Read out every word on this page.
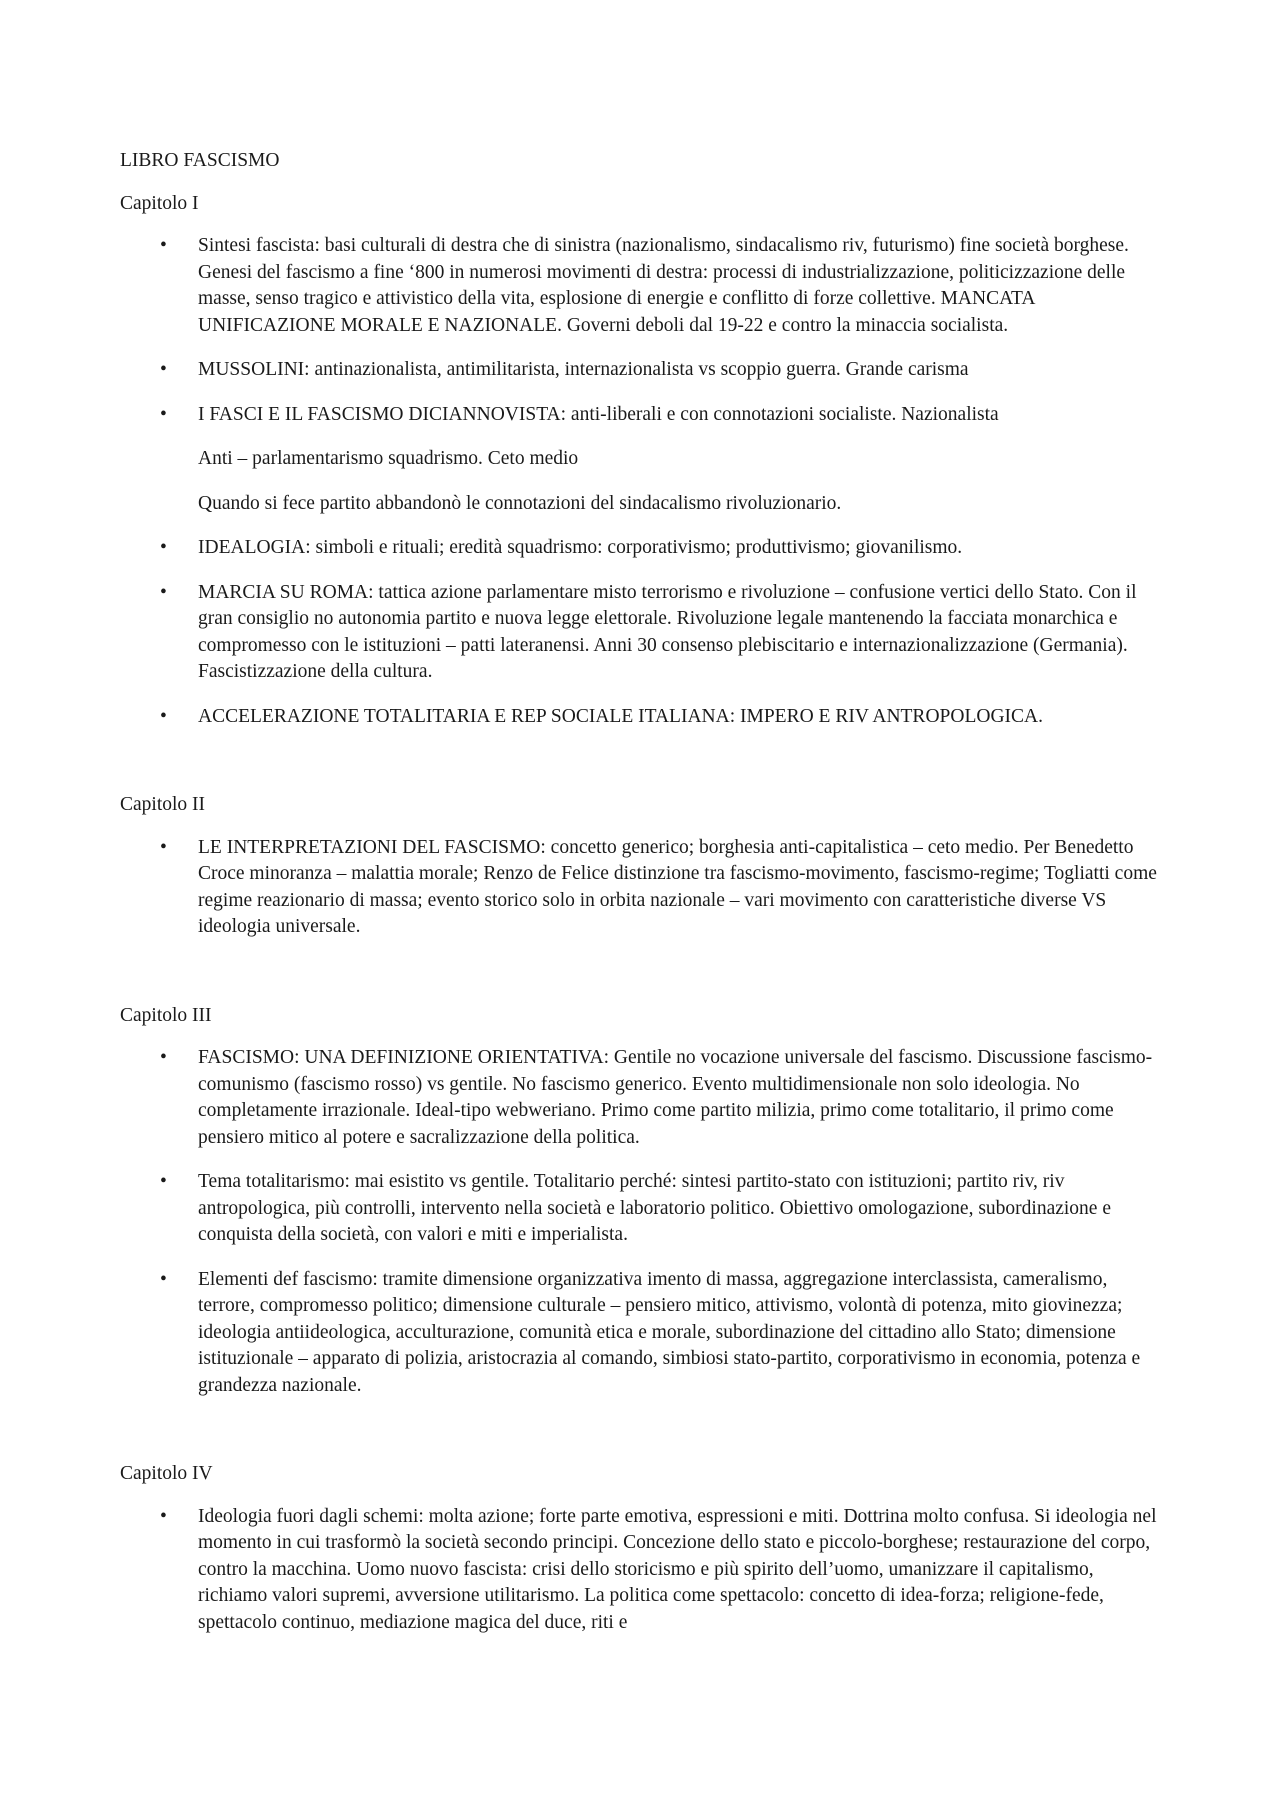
LIBRO FASCISMO

Capitolo I

• Sintesi fascista: basi culturali di destra che di sinistra (nazionalismo, sindacalismo riv, futurismo) fine società borghese. Genesi del fascismo a fine ‘800 in numerosi movimenti di destra: processi di industrializzazione, politicizzazione delle masse, senso tragico e attivistico della vita, esplosione di energie e conflitto di forze collettive. MANCATA UNIFICAZIONE MORALE E NAZIONALE. Governi deboli dal 19-22 e contro la minaccia socialista.
• MUSSOLINI: antinazionalista, antimilitarista, internazionalista vs scoppio guerra. Grande carisma
• I FASCI E IL FASCISMO DICIANNOVISTA: anti-liberali e con connotazioni socialiste. Nazionalista

Anti – parlamentarismo squadrismo. Ceto medio

Quando si fece partito abbandonò le connotazioni del sindacalismo rivoluzionario.

• IDEALOGIA: simboli e rituali; eredità squadrismo: corporativismo; produttivismo; giovanilismo.
• MARCIA SU ROMA: tattica azione parlamentare misto terrorismo e rivoluzione – confusione vertici dello Stato. Con il gran consiglio no autonomia partito e nuova legge elettorale. Rivoluzione legale mantenendo la facciata monarchica e compromesso con le istituzioni – patti lateranensi. Anni 30 consenso plebiscitario e internazionalizzazione (Germania). Fascistizzazione della cultura.
• ACCELERAZIONE TOTALITARIA E REP SOCIALE ITALIANA: IMPERO E RIV ANTROPOLOGICA.

Capitolo II

• LE INTERPRETAZIONI DEL FASCISMO: concetto generico; borghesia anti-capitalistica – ceto medio. Per Benedetto Croce minoranza – malattia morale; Renzo de Felice distinzione tra fascismo-movimento, fascismo-regime; Togliatti come regime reazionario di massa; evento storico solo in orbita nazionale – vari movimento con caratteristiche diverse VS ideologia universale.

Capitolo III

• FASCISMO: UNA DEFINIZIONE ORIENTATIVA: Gentile no vocazione universale del fascismo. Discussione fascismo-comunismo (fascismo rosso) vs gentile. No fascismo generico. Evento multidimensionale non solo ideologia. No completamente irrazionale. Ideal-tipo webweriano. Primo come partito milizia, primo come totalitario, il primo come pensiero mitico al potere e sacralizzazione della politica.
• Tema totalitarismo: mai esistito vs gentile. Totalitario perché: sintesi partito-stato con istituzioni; partito riv, riv antropologica, più controlli, intervento nella società e laboratorio politico. Obiettivo omologazione, subordinazione e conquista della società, con valori e miti e imperialista.
• Elementi def fascismo: tramite dimensione organizzativa imento di massa, aggregazione interclassista, cameralismo, terrore, compromesso politico; dimensione culturale – pensiero mitico, attivismo, volontà di potenza, mito giovinezza; ideologia antiideologica, acculturazione, comunità etica e morale, subordinazione del cittadino allo Stato; dimensione istituzionale – apparato di polizia, aristocrazia al comando, simbiosi stato-partito, corporativismo in economia, potenza e grandezza nazionale.

Capitolo IV

• Ideologia fuori dagli schemi: molta azione; forte parte emotiva, espressioni e miti. Dottrina molto confusa. Si ideologia nel momento in cui trasformò la società secondo principi. Concezione dello stato e piccolo-borghese; restaurazione del corpo, contro la macchina. Uomo nuovo fascista: crisi dello storicismo e più spirito dell’uomo, umanizzare il capitalismo, richiamo valori supremi, avversione utilitarismo. La politica come spettacolo: concetto di idea-forza; religione-fede, spettacolo continuo, mediazione magica del duce, riti e
